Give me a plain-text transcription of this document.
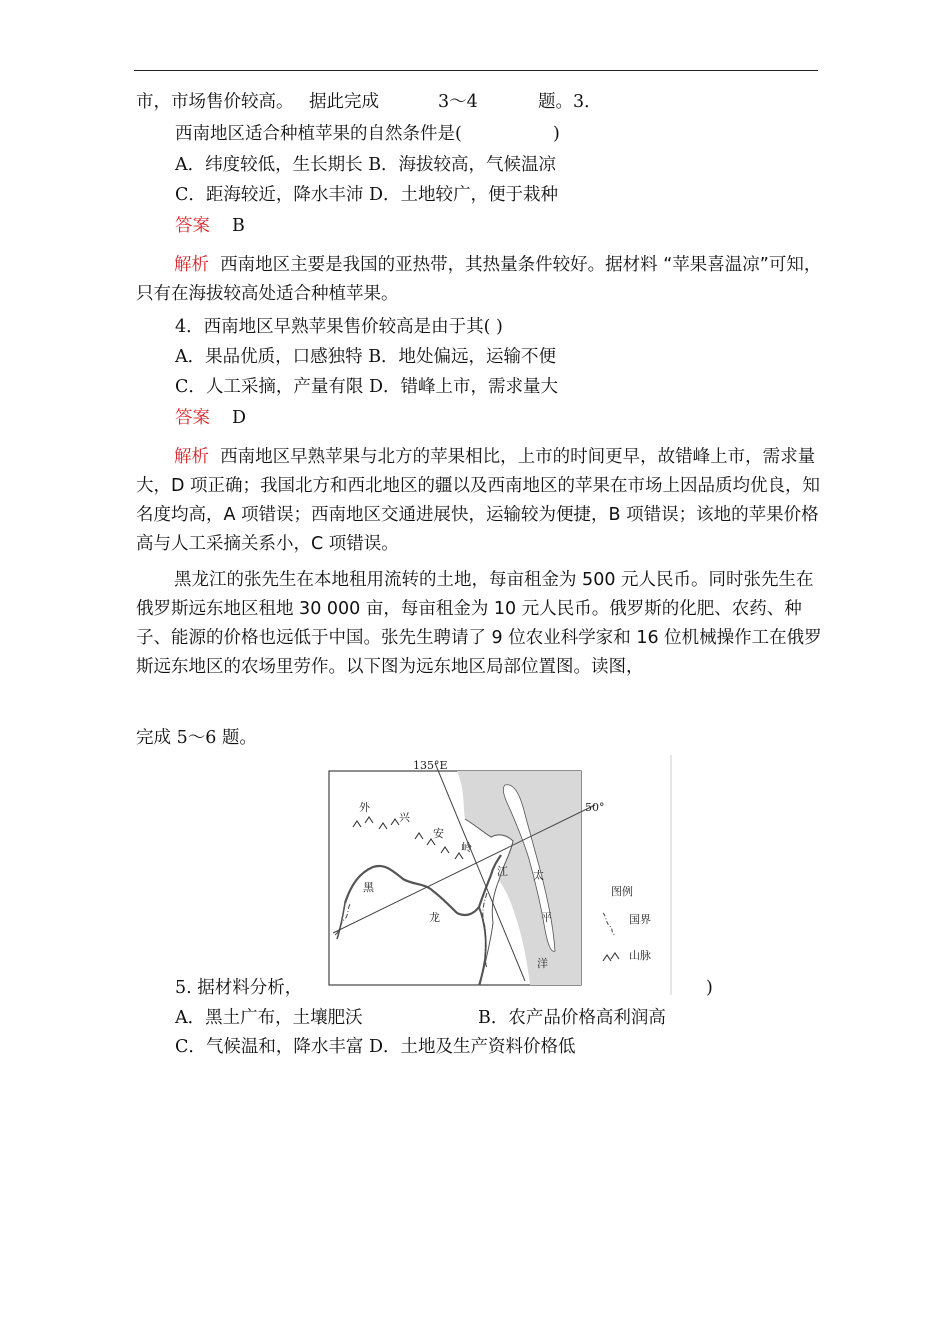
市，市场售价较高。 据此完成	3～4	题。3．
西南地区适合种植苹果的自然条件是(	)
A．纬度较低，生长期长 B．海拔较高，气候温凉
C．距海较近，降水丰沛 D．土地较广，便于栽种
答案 B
解析 西南地区主要是我国的亚热带，其热量条件较好。据材料 “苹果喜温凉”可知，只有在海拔较高处适合种植苹果。
4．西南地区早熟苹果售价较高是由于其( )
A．果品优质，口感独特 B．地处偏远，运输不便
C．人工采摘，产量有限 D．错峰上市，需求量大
答案 D
解析 西南地区早熟苹果与北方的苹果相比，上市的时间更早，故错峰上市，需求量大，D 项正确；我国北方和西北地区的疆以及西南地区的苹果在市场上因品质均优良，知名度均高，A 项错误；西南地区交通进展快，运输较为便捷，B 项错误；该地的苹果价格高与人工采摘关系小，C 项错误。
黑龙江的张先生在本地租用流转的土地，每亩租金为 500 元人民币。同时张先生在俄罗斯远东地区租地 30 000 亩，每亩租金为 10 元人民币。俄罗斯的化肥、农药、种子、能源的价格也远低于中国。张先生聘请了 9 位农业科学家和 16 位机械操作工在俄罗斯远东地区的农场里劳作。以下图为远东地区局部位置图。读图，
完成 5～6 题。
135°E
50°
外
兴
安
岭
黑
龙
江 太
平
洋
图例
国界
山脉
5. 据材料分析，	)
A．黑土广布，土壤肥沃	B．农产品价格高利润高
C．气候温和，降水丰富 D．土地及生产资料价格低
